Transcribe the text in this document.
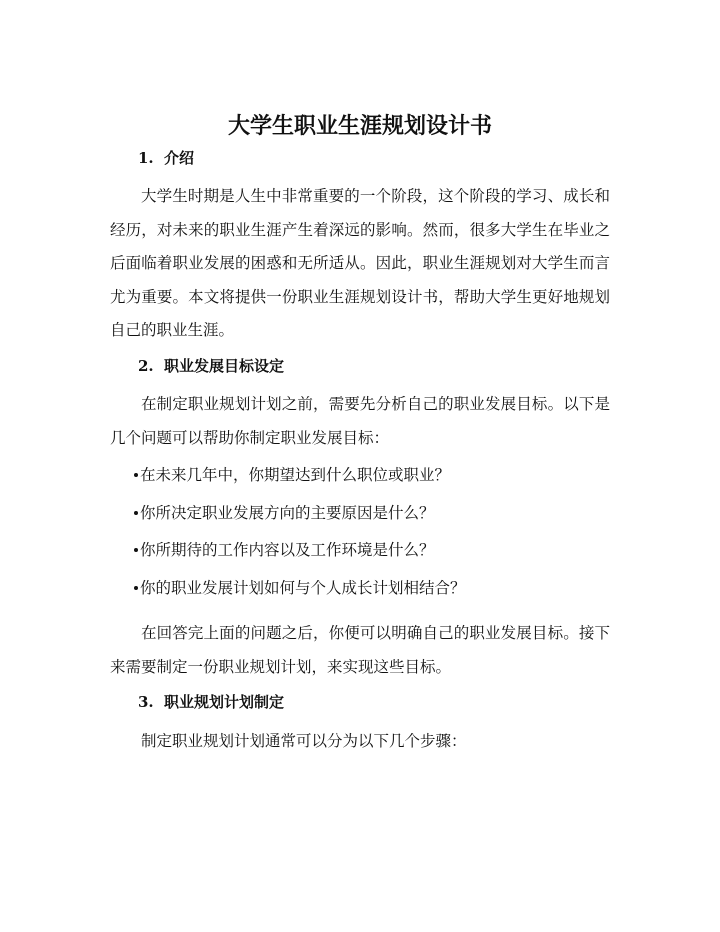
大学生职业生涯规划设计书
1. 介绍
大学生时期是人生中非常重要的一个阶段，这个阶段的学习、成长和经历，对未来的职业生涯产生着深远的影响。然而，很多大学生在毕业之后面临着职业发展的困惑和无所适从。因此，职业生涯规划对大学生而言尤为重要。本文将提供一份职业生涯规划设计书，帮助大学生更好地规划自己的职业生涯。
2. 职业发展目标设定
在制定职业规划计划之前，需要先分析自己的职业发展目标。以下是几个问题可以帮助你制定职业发展目标：
在未来几年中，你期望达到什么职位或职业？
你所决定职业发展方向的主要原因是什么？
你所期待的工作内容以及工作环境是什么？
你的职业发展计划如何与个人成长计划相结合？
在回答完上面的问题之后，你便可以明确自己的职业发展目标。接下来需要制定一份职业规划计划，来实现这些目标。
3. 职业规划计划制定
制定职业规划计划通常可以分为以下几个步骤：
